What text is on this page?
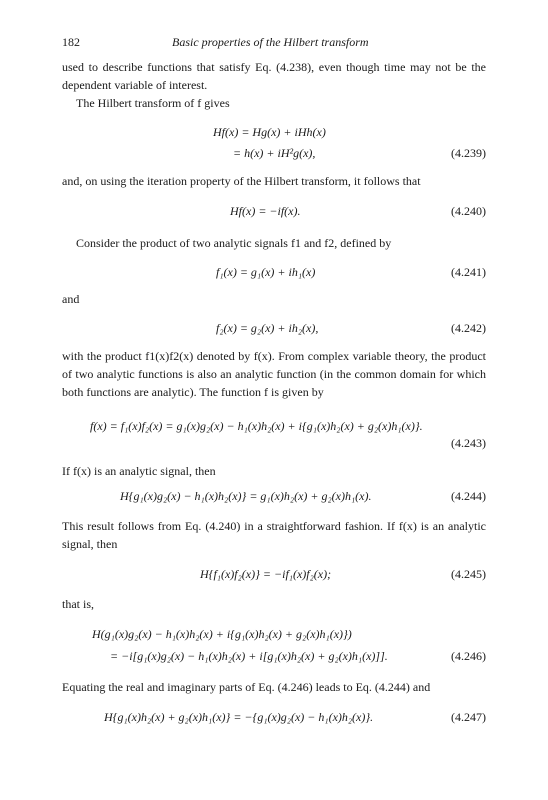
182	Basic properties of the Hilbert transform
used to describe functions that satisfy Eq. (4.238), even though time may not be the dependent variable of interest.
The Hilbert transform of f gives
Hf(x) = Hg(x) + iHh(x)
= h(x) + iH²g(x),	(4.239)
and, on using the iteration property of the Hilbert transform, it follows that
Hf(x) = −if(x).	(4.240)
Consider the product of two analytic signals f1 and f2, defined by
f₁(x) = g₁(x) + ih₁(x)	(4.241)
and
f₂(x) = g₂(x) + ih₂(x),	(4.242)
with the product f1(x)f2(x) denoted by f(x). From complex variable theory, the product of two analytic functions is also an analytic function (in the common domain for which both functions are analytic). The function f is given by
f(x) = f₁(x)f₂(x) = g₁(x)g₂(x) − h₁(x)h₂(x) + i{g₁(x)h₂(x) + g₂(x)h₁(x)}.
(4.243)
If f(x) is an analytic signal, then
H{g₁(x)g₂(x) − h₁(x)h₂(x)} = g₁(x)h₂(x) + g₂(x)h₁(x).	(4.244)
This result follows from Eq. (4.240) in a straightforward fashion. If f(x) is an analytic signal, then
H{f₁(x)f₂(x)} = −if₁(x)f₂(x);	(4.245)
that is,
H(g₁(x)g₂(x) − h₁(x)h₂(x) + i{g₁(x)h₂(x) + g₂(x)h₁(x)})
= −i[g₁(x)g₂(x) − h₁(x)h₂(x) + i[g₁(x)h₂(x) + g₂(x)h₁(x)]].	(4.246)
Equating the real and imaginary parts of Eq. (4.246) leads to Eq. (4.244) and
H{g₁(x)h₂(x) + g₂(x)h₁(x)} = −{g₁(x)g₂(x) − h₁(x)h₂(x)}.	(4.247)
